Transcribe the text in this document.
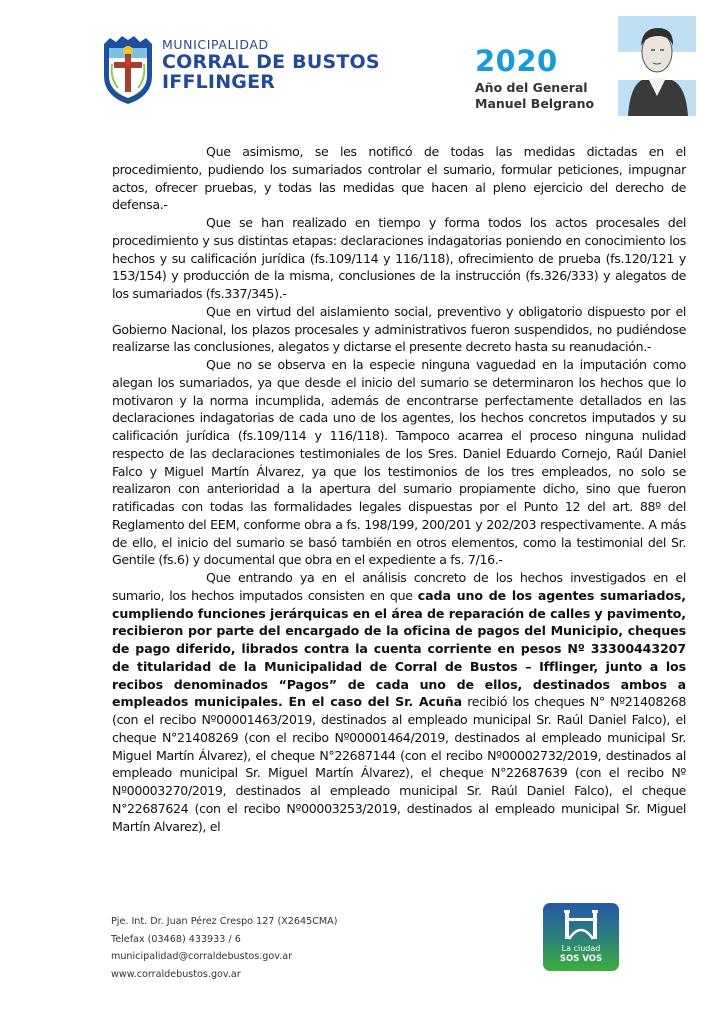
MUNICIPALIDAD
CORRAL DE BUSTOS
IFFLINGER
2020
Año del General
Manuel Belgrano

Que asimismo, se les notificó de todas las medidas dictadas en el procedimiento, pudiendo los sumariados controlar el sumario, formular peticiones, impugnar actos, ofrecer pruebas, y todas las medidas que hacen al pleno ejercicio del derecho de defensa.-

Que se han realizado en tiempo y forma todos los actos procesales del procedimiento y sus distintas etapas: declaraciones indagatorias poniendo en conocimiento los hechos y su calificación jurídica (fs.109/114 y 116/118), ofrecimiento de prueba (fs.120/121 y 153/154) y producción de la misma, conclusiones de la instrucción (fs.326/333) y alegatos de los sumariados (fs.337/345).-

Que en virtud del aislamiento social, preventivo y obligatorio dispuesto por el Gobierno Nacional, los plazos procesales y administrativos fueron suspendidos, no pudiéndose realizarse las conclusiones, alegatos y dictarse el presente decreto hasta su reanudación.-

Que no se observa en la especie ninguna vaguedad en la imputación como alegan los sumariados, ya que desde el inicio del sumario se determinaron los hechos que lo motivaron y la norma incumplida, además de encontrarse perfectamente detallados en las declaraciones indagatorias de cada uno de los agentes, los hechos concretos imputados y su calificación jurídica (fs.109/114 y 116/118). Tampoco acarrea el proceso ninguna nulidad respecto de las declaraciones testimoniales de los Sres. Daniel Eduardo Cornejo, Raúl Daniel Falco y Miguel Martín Álvarez, ya que los testimonios de los tres empleados, no solo se realizaron con anterioridad a la apertura del sumario propiamente dicho, sino que fueron ratificadas con todas las formalidades legales dispuestas por el Punto 12 del art. 88º del Reglamento del EEM, conforme obra a fs. 198/199, 200/201 y 202/203 respectivamente. A más de ello, el inicio del sumario se basó también en otros elementos, como la testimonial del Sr. Gentile (fs.6) y documental que obra en el expediente a fs. 7/16.-

Que entrando ya en el análisis concreto de los hechos investigados en el sumario, los hechos imputados consisten en que cada uno de los agentes sumariados, cumpliendo funciones jerárquicas en el área de reparación de calles y pavimento, recibieron por parte del encargado de la oficina de pagos del Municipio, cheques de pago diferido, librados contra la cuenta corriente en pesos Nº 33300443207 de titularidad de la Municipalidad de Corral de Bustos – Ifflinger, junto a los recibos denominados “Pagos” de cada uno de ellos, destinados ambos a empleados municipales. En el caso del Sr. Acuña recibió los cheques N° Nº21408268 (con el recibo Nº00001463/2019, destinados al empleado municipal Sr. Raúl Daniel Falco), el cheque N°21408269 (con el recibo Nº00001464/2019, destinados al empleado municipal Sr. Miguel Martín Álvarez), el cheque N°22687144 (con el recibo Nº00002732/2019, destinados al empleado municipal Sr. Miguel Martín Álvarez), el cheque N°22687639 (con el recibo Nº Nº00003270/2019, destinados al empleado municipal Sr. Raúl Daniel Falco), el cheque N°22687624 (con el recibo Nº00003253/2019, destinados al empleado municipal Sr. Miguel Martín Alvarez), el

Pje. Int. Dr. Juan Pérez Crespo 127 (X2645CMA)
Telefax (03468) 433933 / 6
municipalidad@corraldebustos.gov.ar
www.corraldebustos.gov.ar
La ciudad
SOS VOS
